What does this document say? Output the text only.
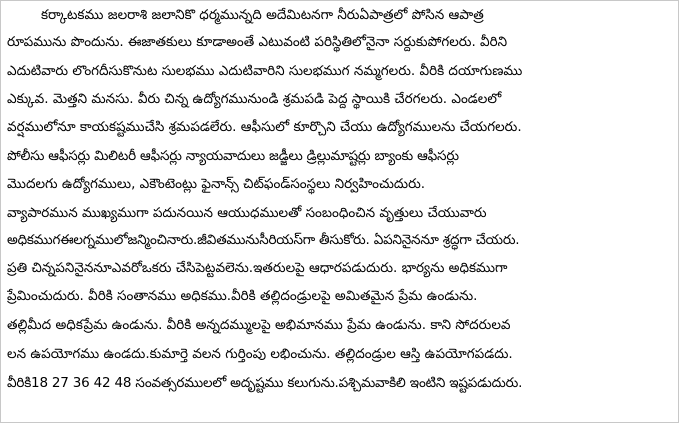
కర్కాటకము జలరాశి జలానికొ ధర్మమున్నది అదేమిటనగా నీరుఏపాత్రలో పోసిన ఆపాత్ర
రూపమును పొందును. ఈజాతకులు కూడాఅంతే ఎటువంటి పరిస్థితిలోనైనా సర్దుకుపోగలరు. వీరిని
ఎదుటివారు లొంగదీసుకొనుట సులభము ఎదుటివారిని సులభముగ నమ్మగలరు. వీరికి దయాగుణము
ఎక్కువ. మెత్తని మనసు. వీరు చిన్న ఉద్యోగమునుండి శ్రమపడి పెద్ద స్థాయికి చేరగలరు. ఎండలలో
వర్షములోనూ కాయకష్టముచేసి శ్రమపడలేరు. ఆఫీసులో కూర్చొని చేయు ఉద్యోగములను చేయగలరు.
పోలీసు ఆఫీసర్లు మిలిటరీ ఆఫీసర్లు న్యాయవాదులు జడ్జీలు డ్రిల్లుమాష్టర్లు బ్యాంకు ఆఫీసర్లు
మొదలగు ఉద్యోగములు, ఎకౌంటెంట్లు ఫైనాన్స్ చిట్‌ఫండ్‌సంస్థలు నిర్వహించుదురు.
వ్యాపారమున ముఖ్యముగా పదునయిన ఆయుధములతో సంబంధించిన వృత్తులు చేయువారు
అధికముగఈలగ్నములోజన్మించినారు.జీవితమునుసీరియస్‌గా తీసుకోరు. ఏపనినైననూ శ్రద్ధగా చేయరు.
ప్రతి చిన్నపనినైననూఎవరోఒకరు చేసిపెట్టవలెను.ఇతరులపై ఆధారపడుదురు. భార్యను అధికముగా
ప్రేమించుదురు. వీరికి సంతానము అధికము.వీరికి తల్లిదండ్రులపై అమితమైన ప్రేమ ఉండును.
తల్లిమీద అధికప్రేమ ఉండును. వీరికి అన్నదమ్ములపై అభిమానము ప్రేమ ఉండును. కాని సోదరులవ
లన ఉపయోగము ఉండదు.కుమార్తె వలన గుర్తింపు లభించును. తల్లిదండ్రుల ఆస్తి ఉపయోగపడదు.
వీరికి18 27 36 42 48 సంవత్సరములలో అదృష్టము కలుగును.పశ్చిమవాకిలి ఇంటిని ఇష్టపడుదురు.
